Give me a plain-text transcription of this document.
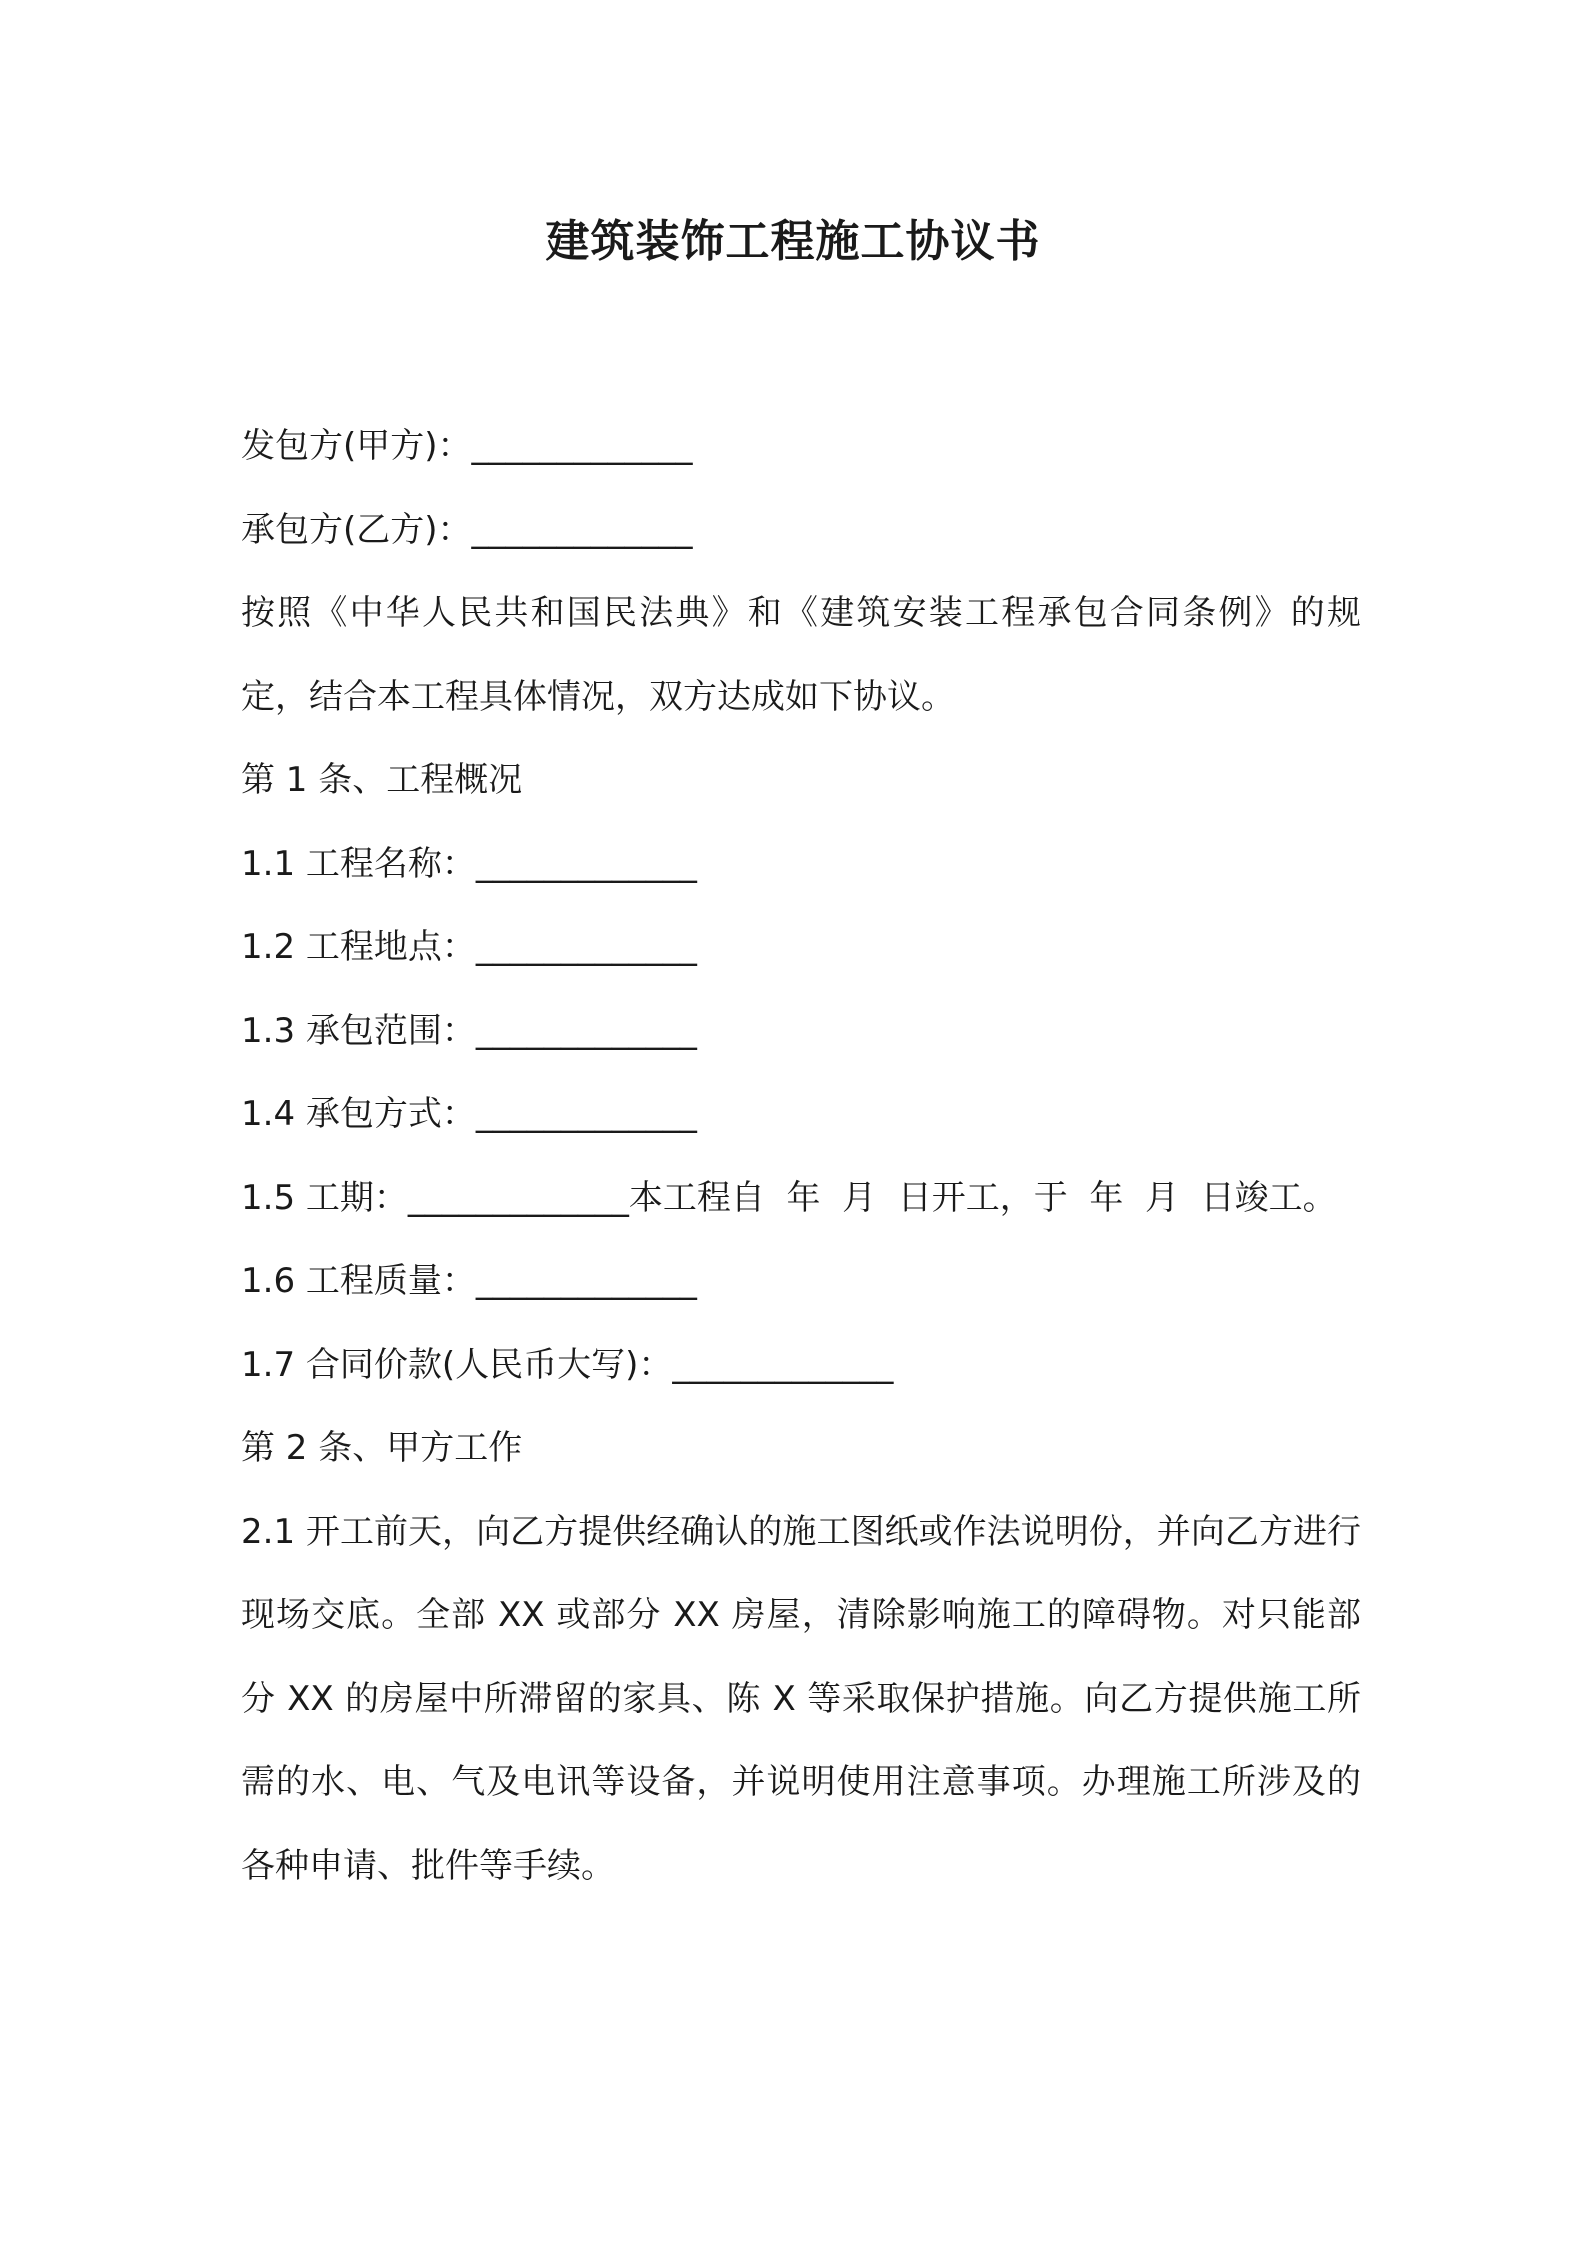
建筑装饰工程施工协议书

发包方(甲方)：_____________

承包方(乙方)：_____________

按照《中华人民共和国民法典》和《建筑安装工程承包合同条例》的规定，结合本工程具体情况，双方达成如下协议。

第 1 条、工程概况

1.1 工程名称：_____________

1.2 工程地点：_____________

1.3 承包范围：_____________

1.4 承包方式：_____________

1.5 工期：_____________本工程自  年  月  日开工，于  年  月  日竣工。

1.6 工程质量：_____________

1.7 合同价款(人民币大写)：_____________

第 2 条、甲方工作

2.1 开工前天，向乙方提供经确认的施工图纸或作法说明份，并向乙方进行现场交底。全部 XX 或部分 XX 房屋，清除影响施工的障碍物。对只能部分 XX 的房屋中所滞留的家具、陈 X 等采取保护措施。向乙方提供施工所需的水、电、气及电讯等设备，并说明使用注意事项。办理施工所涉及的各种申请、批件等手续。
